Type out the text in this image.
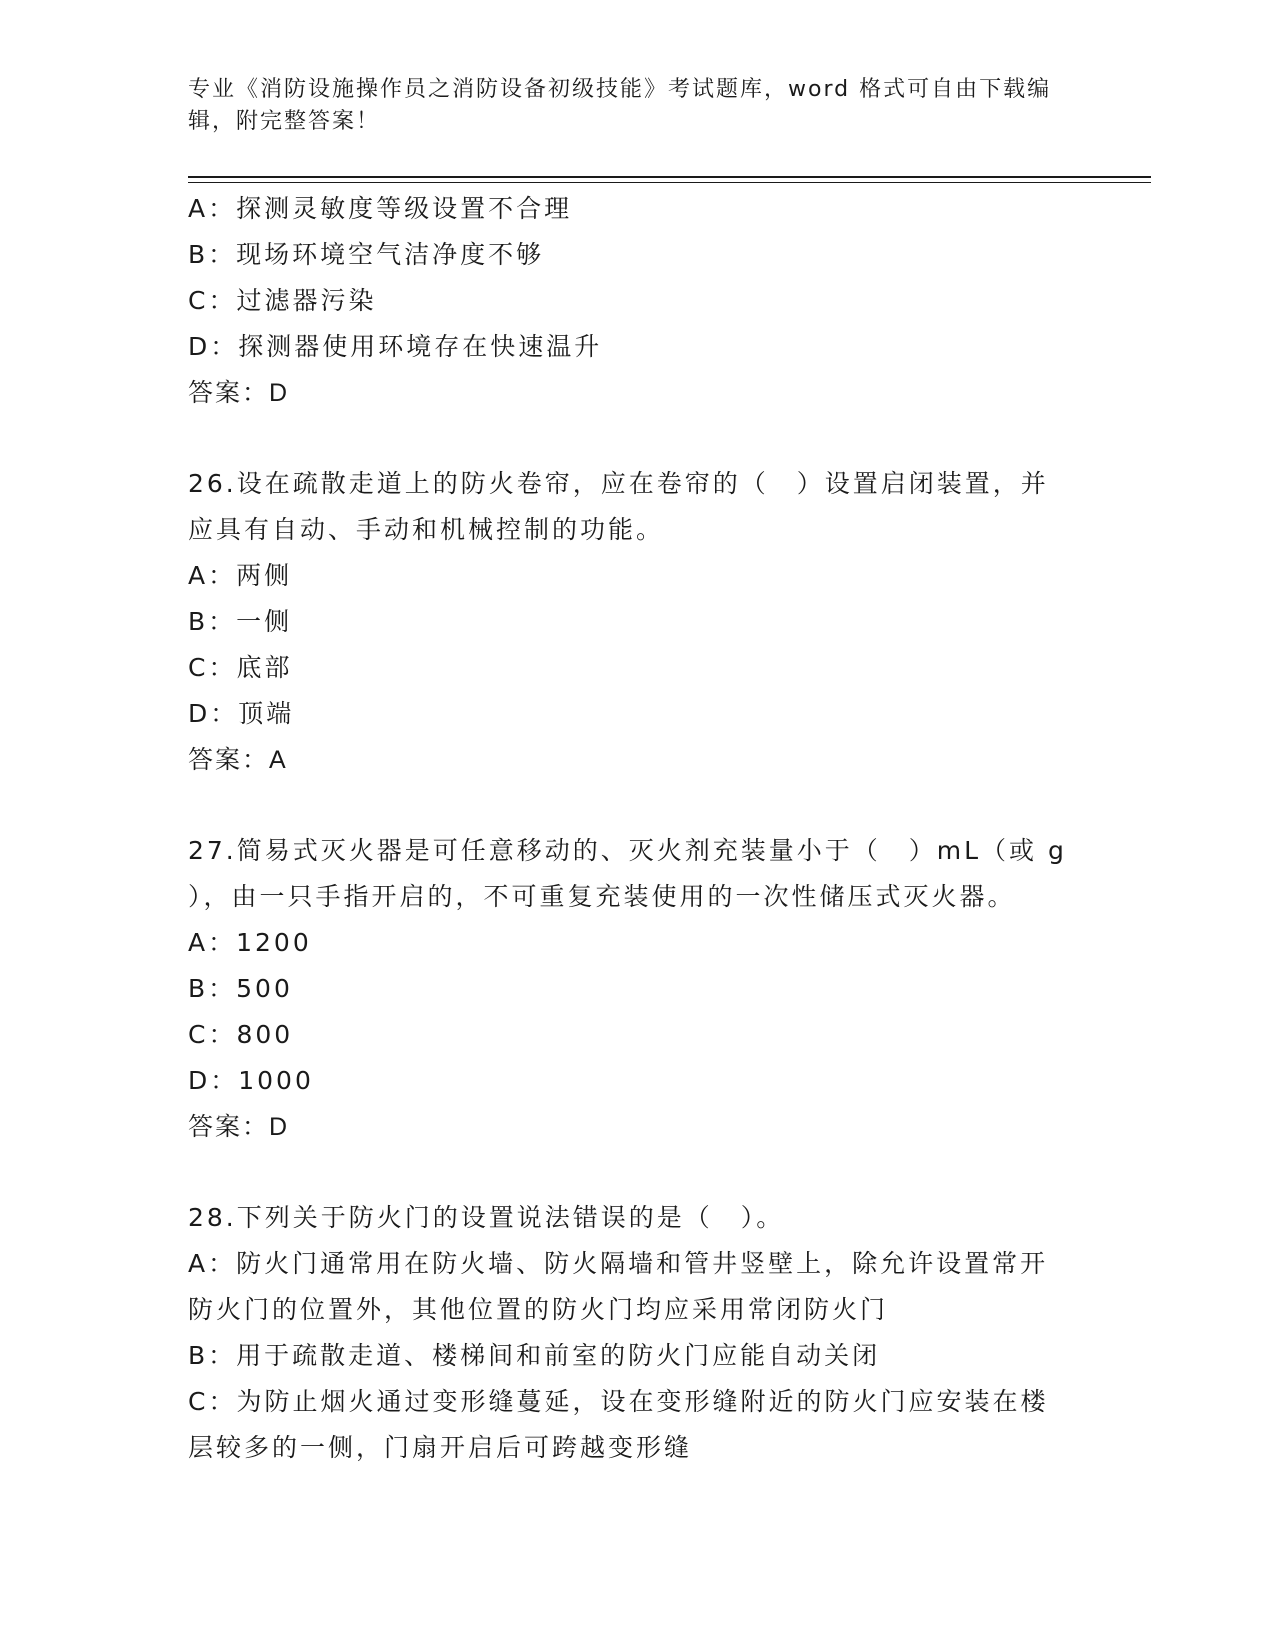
专业《消防设施操作员之消防设备初级技能》考试题库，word 格式可自由下载编
辑，附完整答案！
A：探测灵敏度等级设置不合理
B：现场环境空气洁净度不够
C：过滤器污染
D：探测器使用环境存在快速温升
答案：D
26.设在疏散走道上的防火卷帘，应在卷帘的（　）设置启闭装置，并
应具有自动、手动和机械控制的功能。
A：两侧
B：一侧
C：底部
D：顶端
答案：A
27.简易式灭火器是可任意移动的、灭火剂充装量小于（　）mL（或 g
），由一只手指开启的，不可重复充装使用的一次性储压式灭火器。
A：1200
B：500
C：800
D：1000
答案：D
28.下列关于防火门的设置说法错误的是（　）。
A：防火门通常用在防火墙、防火隔墙和管井竖壁上，除允许设置常开
防火门的位置外，其他位置的防火门均应采用常闭防火门
B：用于疏散走道、楼梯间和前室的防火门应能自动关闭
C：为防止烟火通过变形缝蔓延，设在变形缝附近的防火门应安装在楼
层较多的一侧，门扇开启后可跨越变形缝
